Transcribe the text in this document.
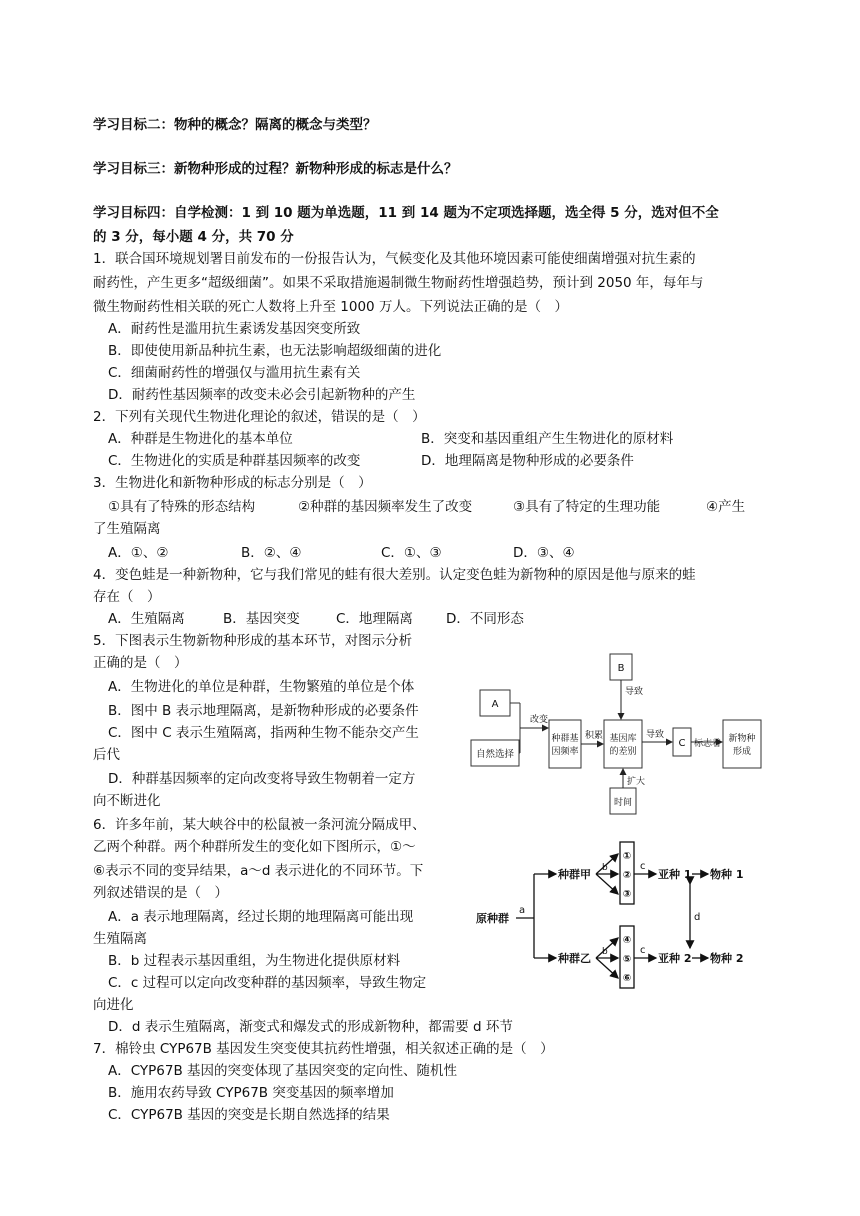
学习目标二：物种的概念？隔离的概念与类型？
学习目标三：新物种形成的过程？新物种形成的标志是什么？
学习目标四：自学检测：1 到 10 题为单选题，11 到 14 题为不定项选择题，选全得 5 分，选对但不全
的 3 分，每小题 4 分，共 70 分
1．联合国环境规划署目前发布的一份报告认为，气候变化及其他环境因素可能使细菌增强对抗生素的
耐药性，产生更多“超级细菌”。如果不采取措施遏制微生物耐药性增强趋势，预计到 2050 年，每年与
微生物耐药性相关联的死亡人数将上升至 1000 万人。下列说法正确的是（　）
A．耐药性是滥用抗生素诱发基因突变所致
B．即使使用新品种抗生素，也无法影响超级细菌的进化
C．细菌耐药性的增强仅与滥用抗生素有关
D．耐药性基因频率的改变未必会引起新物种的产生
2．下列有关现代生物进化理论的叙述，错误的是（　）
A．种群是生物进化的基本单位	B．突变和基因重组产生生物进化的原材料
C．生物进化的实质是种群基因频率的改变	D．地理隔离是物种形成的必要条件
3．生物进化和新物种形成的标志分别是（　）
①具有了特殊的形态结构	②种群的基因频率发生了改变	③具有了特定的生理功能	④产生
了生殖隔离
A．①、②	B．②、④	C．①、③	D．③、④
4．变色蛙是一种新物种，它与我们常见的蛙有很大差别。认定变色蛙为新物种的原因是他与原来的蛙
存在（　）
A．生殖隔离	B．基因突变	C．地理隔离 D．不同形态
5．下图表示生物新物种形成的基本环节，对图示分析
正确的是（　）
A．生物进化的单位是种群，生物繁殖的单位是个体
B．图中 B 表示地理隔离，是新物种形成的必要条件
C．图中 C 表示生殖隔离，指两种生物不能杂交产生
后代
D．种群基因频率的定向改变将导致生物朝着一定方
向不断进化
A
自然选择
改变
种群基
因频率
积累 基因库
的差别
B
导致
导致
C 标志着 新物种
形成
扩大
时间
6．许多年前，某大峡谷中的松鼠被一条河流分隔成甲、
乙两个种群。两个种群所发生的变化如下图所示，①～
⑥表示不同的变异结果，a～d 表示进化的不同环节。下
列叙述错误的是（　）
A．a 表示地理隔离，经过长期的地理隔离可能出现
生殖隔离
B．b 过程表示基因重组，为生物进化提供原材料
C．c 过程可以定向改变种群的基因频率，导致生物定
向进化
D．d 表示生殖隔离，渐变式和爆发式的形成新物种，都需要 d 环节
原种群
a
种群甲
种群乙
b
b
①
②
③
④
⑤
⑥
c
c
亚种 1
亚种 2
物种 1
物种 2
d
7．棉铃虫 CYP67B 基因发生突变使其抗药性增强，相关叙述正确的是（　）
A．CYP67B 基因的突变体现了基因突变的定向性、随机性
B．施用农药导致 CYP67B 突变基因的频率增加
C．CYP67B 基因的突变是长期自然选择的结果
